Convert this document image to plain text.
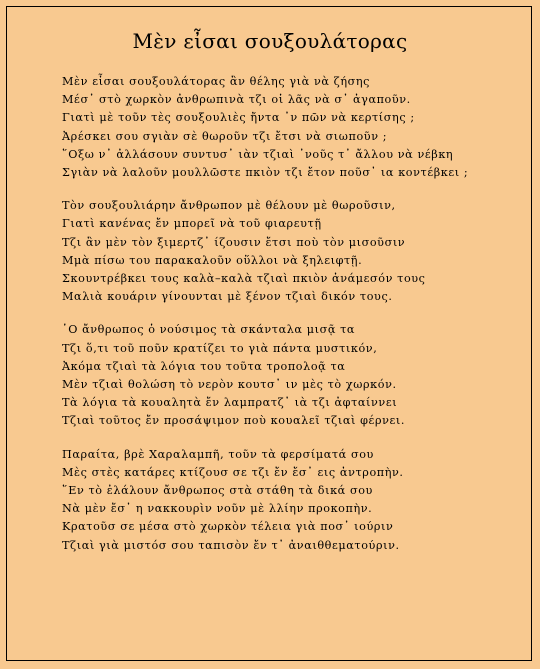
Μὲν εἶσαι σουξουλάτορας
Μὲν εἶσαι σουξουλάτορας ἂν θέλης γιὰ νὰ ζήσης
Μέσ᾽ στὸ χωρκὸν ἀνθρωπινὰ τζι οἱ λᾶς νὰ σ᾽ ἀγαποῦν.
Γιατὶ μὲ τοῦν τὲς σουξουλιὲς ἤντα ᾽ν πῶν νὰ κερτίσης ;
Ἀρέσκει σου σγιὰν σὲ θωροῦν τζι ἔτσι νὰ σιωποῦν ;
῞Οξω ν᾽ ἀλλάσουν συντυσ᾽ ιὰν τζιαὶ ᾽νοῦς τ᾽ ἄλλου νὰ νέβκη
Σγιὰν νὰ λαλοῦν μουλλῶστε πκιὸν τζι ἔτον ποῦσ᾽ ια κοντέβκει ;
Τὸν σουξουλιάρην ἄνθρωπον μὲ θέλουν μὲ θωροῦσιν,
Γιατὶ κανένας ἔν μπορεῖ νὰ τοῦ φιαρευτῇ
Τζι ἂν μὲν τὸν ξιμερτζ᾽ ίζουσιν ἔτσι ποὺ τὸν μισοῦσιν
Μμὰ πίσω του παρακαλοῦν οὕλλοι νὰ ξηλειφτῇ.
Σκουντρέβκει τους καλὰ–καλὰ τζιαὶ πκιὸν ἀνάμεσόν τους
Μαλιὰ κουάριν γίνουνται μὲ ξένον τζιαὶ δικόν τους.
῾Ο ἄνθρωπος ὁ νούσιμος τὰ σκάνταλα μισᾷ τα
Τζι ὅ,τι τοῦ ποῦν κρατίζει το γιὰ πάντα μυστικόν,
Ἀκόμα τζιαὶ τὰ λόγια του τοῦτα τροπολοᾷ τα
Μὲν τζιαὶ θολώση τὸ νερὸν κουτσ᾽ ιν μὲς τὸ χωρκόν.
Τὰ λόγια τὰ κουαλητὰ ἔν λαμπρατζ᾽ ιὰ τζι ἀφταίννει
Τζιαὶ τοῦτος ἔν προσάψιμον ποὺ κουαλεῖ τζιαὶ φέρνει.
Παραίτα, βρὲ Χαραλαμπῆ, τοῦν τὰ φερσίματά σου
Μὲς στὲς κατάρες κτίζουσ σε τζι ἔν ἔσ᾽ εις ἀντροπὴν.
῞Εν τὸ ἐλάλουν ἄνθρωπος στὰ στάθη τὰ δικά σου
Νὰ μὲν ἔσ᾽ η νακκουρὶν νοῦν μὲ λλίην προκοπὴν.
Κρατοῦσ σε μέσα στὸ χωρκὸν τέλεια γιὰ ποσ᾽ ιούριν
Τζιαὶ γιὰ μιστόσ σου ταπισὸν ἔν τ᾽ ἀναιθθεματούριν.
